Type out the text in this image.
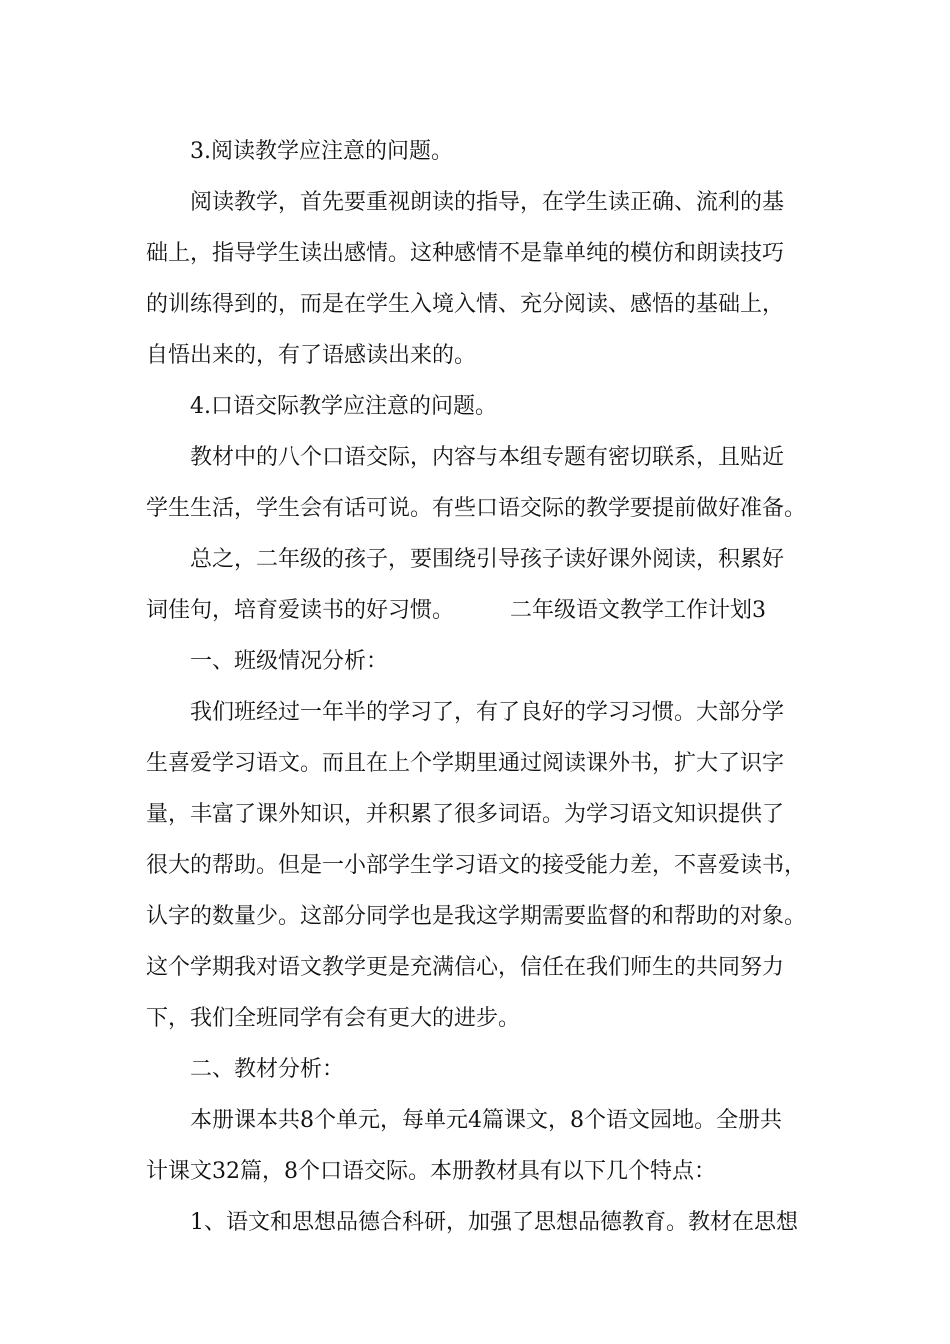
3.阅读教学应注意的问题。
阅读教学，首先要重视朗读的指导，在学生读正确、流利的基
础上，指导学生读出感情。这种感情不是靠单纯的模仿和朗读技巧
的训练得到的，而是在学生入境入情、充分阅读、感悟的基础上，
自悟出来的，有了语感读出来的。
4.口语交际教学应注意的问题。
教材中的八个口语交际，内容与本组专题有密切联系，且贴近
学生生活，学生会有话可说。有些口语交际的教学要提前做好准备。
总之，二年级的孩子，要围绕引导孩子读好课外阅读，积累好
词佳句，培育爱读书的好习惯。	二年级语文教学工作计划3
一、班级情况分析：
我们班经过一年半的学习了，有了良好的学习习惯。大部分学
生喜爱学习语文。而且在上个学期里通过阅读课外书，扩大了识字
量，丰富了课外知识，并积累了很多词语。为学习语文知识提供了
很大的帮助。但是一小部学生学习语文的接受能力差，不喜爱读书，
认字的数量少。这部分同学也是我这学期需要监督的和帮助的对象。
这个学期我对语文教学更是充满信心，信任在我们师生的共同努力
下，我们全班同学有会有更大的进步。
二、教材分析：
本册课本共8个单元，每单元4篇课文，8个语文园地。全册共
计课文32篇，8个口语交际。本册教材具有以下几个特点：
1、语文和思想品德合科研，加强了思想品德教育。教材在思想
